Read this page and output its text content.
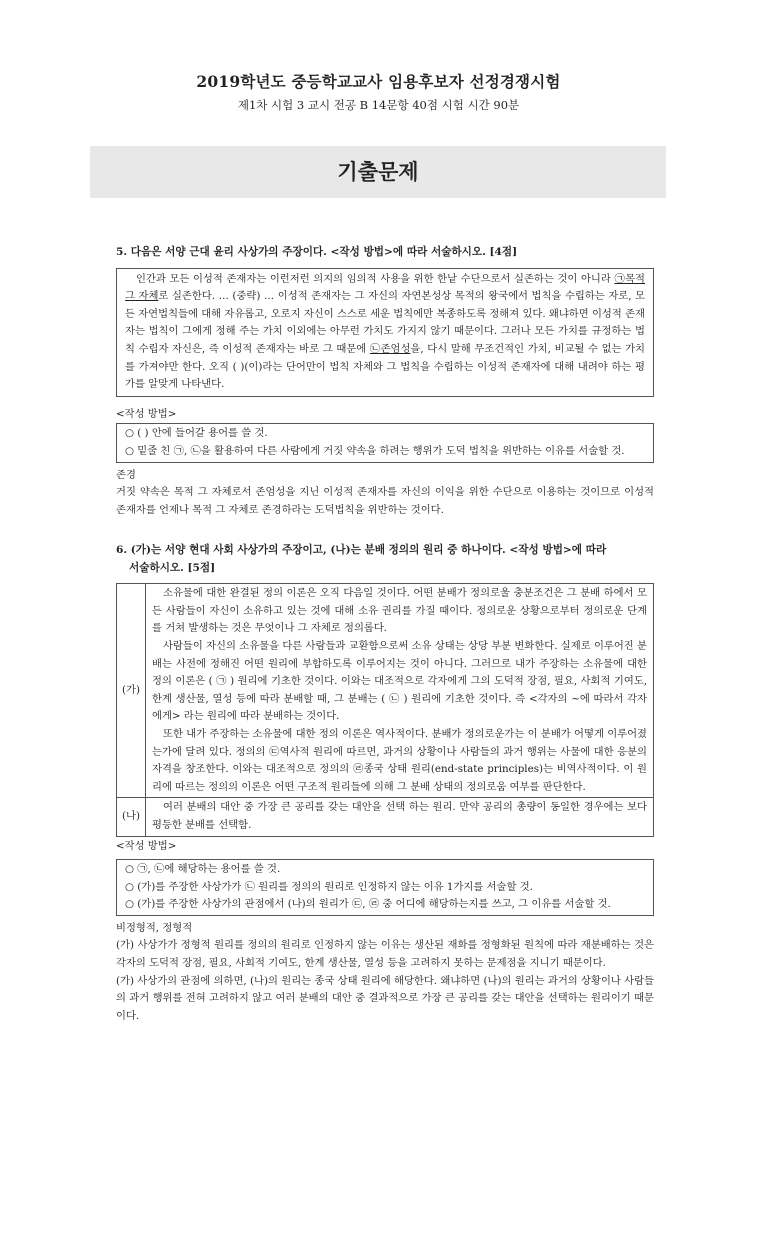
2019학년도 중등학교교사 임용후보자 선정경쟁시험
제1차 시험 3 교시 전공 B 14문항 40점 시험 시간 90분
기출문제
5. 다음은 서양 근대 윤리 사상가의 주장이다. <작성 방법>에 따라 서술하시오. [4점]

인간과 모든 이성적 존재자는 이런저런 의지의 임의적 사용을 위한 한낱 수단으로서 실존하는 것이 아니라 ㉠목적 그 자체로 실존한다. … (중략) … 이성적 존재자는 그 자신의 자연본성상 목적의 왕국에서 법칙을 수립하는 자로, 모든 자연법칙들에 대해 자유롭고, 오로지 자신이 스스로 세운 법칙에만 복종하도록 정해져 있다. 왜냐하면 이성적 존재자는 법칙이 그에게 정해 주는 가치 이외에는 아무런 가치도 가지지 않기 때문이다. 그러나 모든 가치를 규정하는 법칙 수립자 자신은, 즉 이성적 존재자는 바로 그 때문에 ㉡존엄성을, 다시 말해 무조건적인 가치, 비교될 수 없는 가치를 가져야만 한다. 오직 ( )(이)라는 단어만이 법칙 자체와 그 법칙을 수립하는 이성적 존재자에 대해 내려야 하는 평가를 알맞게 나타낸다.

<작성 방법>
○ ( ) 안에 들어갈 용어를 쓸 것.
○ 밑줄 친 ㉠, ㉡을 활용하여 다른 사람에게 거짓 약속을 하려는 행위가 도덕 법칙을 위반하는 이유를 서술할 것.

존경

거짓 약속은 목적 그 자체로서 존엄성을 지닌 이성적 존재자를 자신의 이익을 위한 수단으로 이용하는 것이므로 이성적 존재자를 언제나 목적 그 자체로 존경하라는 도덕법칙을 위반하는 것이다.

6. (가)는 서양 현대 사회 사상가의 주장이고, (나)는 분배 정의의 원리 중 하나이다. <작성 방법>에 따라
서술하시오. [5점]
(가)	소유물에 대한 완결된 정의 이론은 오직 다음일 것이다. 어떤 분배가 정의로울 충분조건은 그 분배 하에서 모든 사람들이 자신이 소유하고 있는 것에 대해 소유 권리를 가질 때이다. 정의로운 상황으로부터 정의로운 단계를 거쳐 발생하는 것은 무엇이나 그 자체로 정의롭다.

사람들이 자신의 소유물을 다른 사람들과 교환함으로써 소유 상태는 상당 부분 변화한다. 실제로 이루어진 분배는 사전에 정해진 어떤 원리에 부합하도록 이루어지는 것이 아니다. 그러므로 내가 주장하는 소유물에 대한 정의 이론은 ( ㉠ ) 원리에 기초한 것이다. 이와는 대조적으로 각자에게 그의 도덕적 장점, 필요, 사회적 기여도, 한계 생산물, 열성 등에 따라 분배할 때, 그 분배는 ( ㉡ ) 원리에 기초한 것이다. 즉 <각자의 ~에 따라서 각자에게> 라는 원리에 따라 분배하는 것이다.

또한 내가 주장하는 소유물에 대한 정의 이론은 역사적이다. 분배가 정의로운가는 이 분배가 어떻게 이루어졌는가에 달려 있다. 정의의 ㉢역사적 원리에 따르면, 과거의 상황이나 사람들의 과거 행위는 사물에 대한 응분의 자격을 창조한다. 이와는 대조적으로 정의의 ㉣종국 상태 원리(end-state principles)는 비역사적이다. 이 원리에 따르는 정의의 이론은 어떤 구조적 원리들에 의해 그 분배 상태의 정의로움 여부를 판단한다.

(나)	여러 분배의 대안 중 가장 큰 공리를 갖는 대안을 선택 하는 원리. 만약 공리의 총량이 동일한 경우에는 보다 평등한 분배를 선택함.

<작성 방법>
○ ㉠, ㉡에 해당하는 용어를 쓸 것.
○ (가)를 주장한 사상가가 ㉡ 원리를 정의의 원리로 인정하지 않는 이유 1가지를 서술할 것.
○ (가)를 주장한 사상가의 관점에서 (나)의 원리가 ㉢, ㉣ 중 어디에 해당하는지를 쓰고, 그 이유를 서술할 것.

비정형적, 정형적

(가) 사상가가 정형적 원리를 정의의 원리로 인정하지 않는 이유는 생산된 재화를 정형화된 원칙에 따라 재분배하는 것은 각자의 도덕적 장점, 필요, 사회적 기여도, 한계 생산물, 열성 등을 고려하지 못하는 문제점을 지니기 때문이다.

(가) 사상가의 관점에 의하면, (나)의 원리는 종국 상태 원리에 해당한다. 왜냐하면 (나)의 원리는 과거의 상황이나 사람들의 과거 행위를 전혀 고려하지 않고 여러 분배의 대안 중 결과적으로 가장 큰 공리를 갖는 대안을 선택하는 원리이기 때문이다.
